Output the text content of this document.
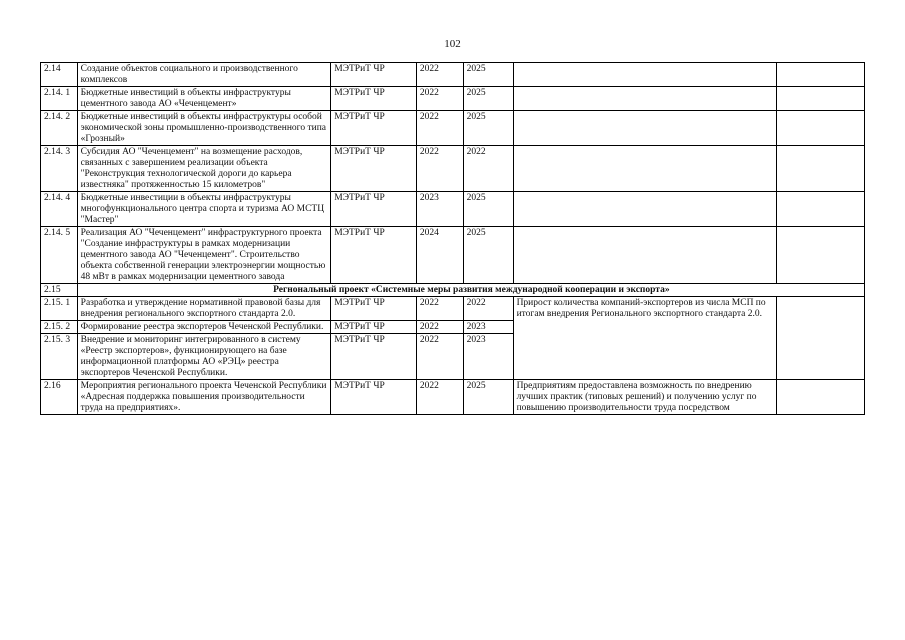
102
2.14	Создание объектов социального и производственного комплексов	МЭТРиТ ЧР	2022	2025		
2.14. 1	Бюджетные инвестиций в объекты инфраструктуры цементного завода АО «Чеченцемент»	МЭТРиТ ЧР	2022	2025		
2.14. 2	Бюджетные инвестиций в объекты инфраструктуры особой экономической зоны промышленно-производственного типа «Грозный»	МЭТРиТ ЧР	2022	2025		
2.14. 3	Субсидия АО "Чеченцемент" на возмещение расходов, связанных с завершением реализации объекта "Реконструкция технологической дороги до карьера известняка" протяженностью 15 километров"	МЭТРиТ ЧР	2022	2022		
2.14. 4	Бюджетные инвестиции в объекты инфраструктуры многофункционального центра спорта и туризма АО МСТЦ "Мастер"	МЭТРиТ ЧР	2023	2025		
2.14. 5	Реализация АО "Чеченцемент" инфраструктурного проекта "Создание инфраструктуры в рамках модернизации цементного завода АО "Чеченцемент". Строительство объекта собственной генерации электроэнергии мощностью 48 мВт в рамках модернизации цементного завода	МЭТРиТ ЧР	2024	2025		
2.15	Регнональный проект «Системные меры развития международной кооперации и экспорта»					
2.15. 1	Разработка и утверждение нормативной правовой базы для внедрения регионального экспортного стандарта 2.0.	МЭТРиТ ЧР	2022	2022	Прирост количества компаний-экспортеров из числа МСП по итогам внедрения Регионального экспортного стандарта 2.0.	
2.15. 2	Формирование реестра экспортеров Чеченской Республики.	МЭТРиТ ЧР	2022	2023		
2.15. 3	Внедрение и мониторинг интегрированного в систему «Реестр экспортеров», функционирующего на базе информационной платформы АО «РЭЦ» реестра экспортеров Чеченской Республики.	МЭТРиТ ЧР	2022	2023		
2.16	Мероприятия регионального проекта Чеченской Республики «Адресная поддержка повышения производительности труда на предприятиях».	МЭТРиТ ЧР	2022	2025	Предприятиям предоставлена возможность по внедрению лучших практик (типовых решений) и получению услуг по повышению производительности труда посредством	
